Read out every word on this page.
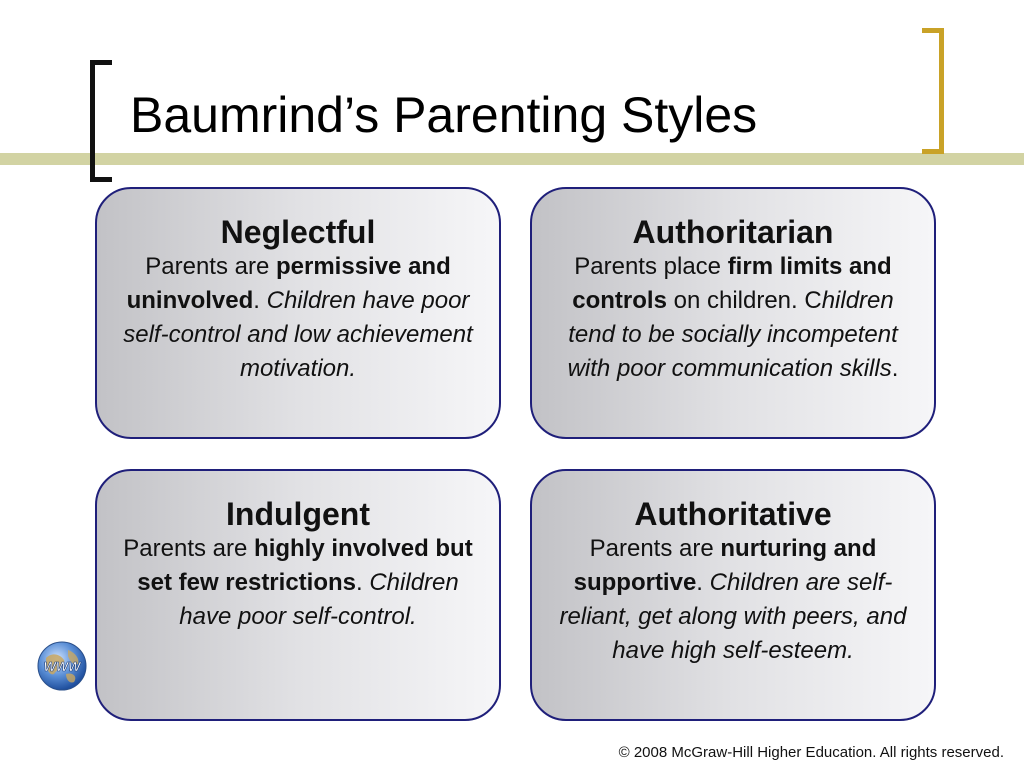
Baumrind’s Parenting Styles
Neglectful

Parents are permissive and uninvolved. Children have poor self-control and low achievement motivation.

Authoritarian

Parents place firm limits and controls on children. Children tend to be socially incompetent with poor communication skills.

Indulgent

Parents are highly involved but set few restrictions. Children have poor self-control.

Authoritative

Parents are nurturing and supportive. Children are self-reliant, get along with peers, and have high self-esteem.

WWW
© 2008 McGraw-Hill Higher Education. All rights reserved.
